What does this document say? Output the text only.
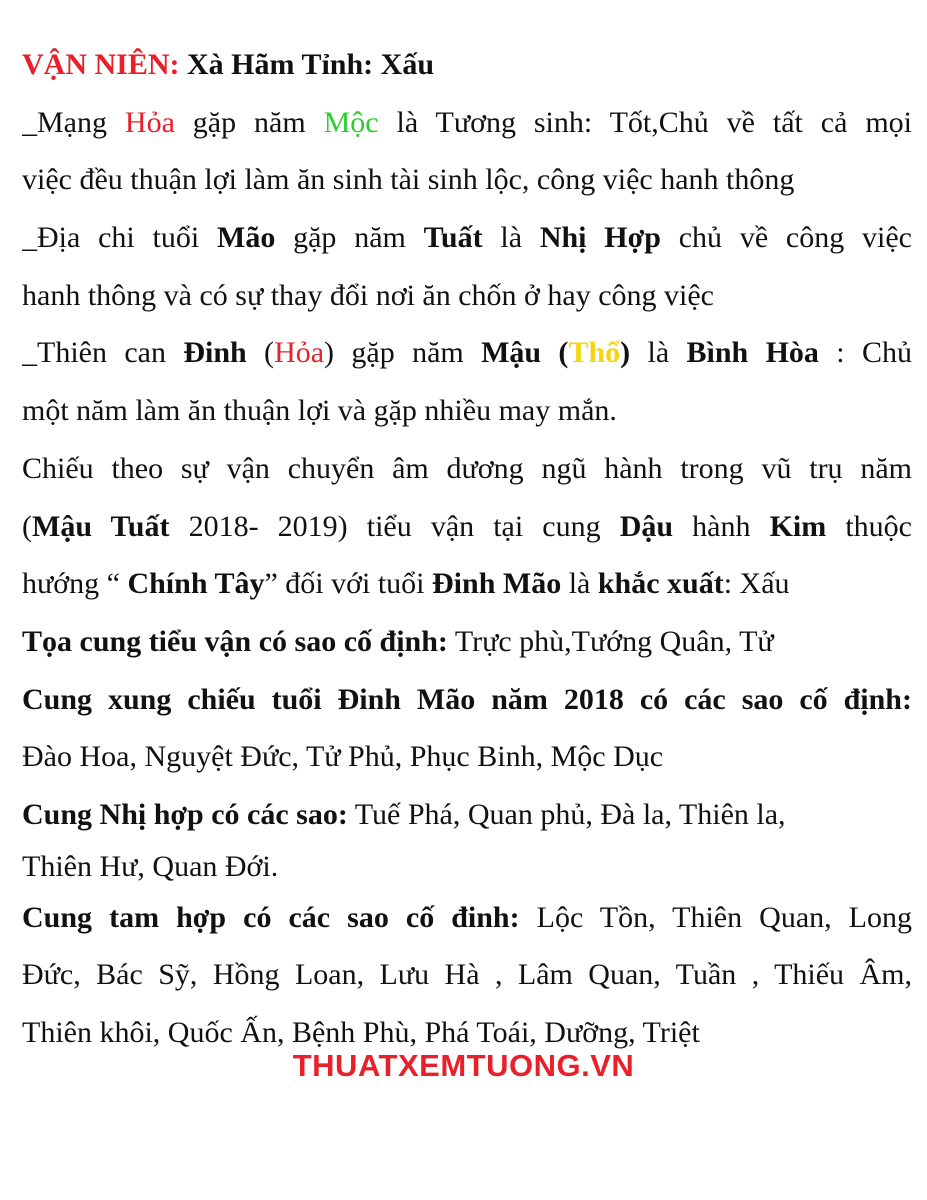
VẬN NIÊN: Xà Hãm Tỉnh: Xấu
_Mạng Hỏa gặp năm Mộc là Tương sinh: Tốt,Chủ về tất cả mọi
việc đều thuận lợi làm ăn sinh tài sinh lộc, công việc hanh thông
_Địa chi tuổi Mão gặp năm Tuất là Nhị Hợp chủ về công việc
hanh thông và có sự thay đổi nơi ăn chốn ở hay công việc
_Thiên can Đinh (Hỏa) gặp năm Mậu (Thổ) là Bình Hòa : Chủ
một năm làm ăn thuận lợi và gặp nhiều may mắn.
Chiếu theo sự vận chuyển âm dương ngũ hành trong vũ trụ năm
(Mậu Tuất 2018- 2019) tiểu vận tại cung Dậu hành Kim thuộc
hướng “ Chính Tây” đối với tuổi Đinh Mão là khắc xuất: Xấu
Tọa cung tiểu vận có sao cố định: Trực phù,Tướng Quân, Tử
Cung xung chiếu tuổi Đinh Mão năm 2018 có các sao cố định:
Đào Hoa, Nguyệt Đức, Tử Phủ, Phục Binh, Mộc Dục
Cung Nhị hợp có các sao: Tuế Phá, Quan phủ, Đà la, Thiên la,
Thiên Hư, Quan Đới.
Cung tam hợp có các sao cố đinh: Lộc Tồn, Thiên Quan, Long
Đức, Bác Sỹ, Hồng Loan, Lưu Hà , Lâm Quan, Tuần , Thiếu Âm,
Thiên khôi, Quốc Ấn, Bệnh Phù, Phá Toái, Dưỡng, Triệt
THUATXEMTUONG.VN
